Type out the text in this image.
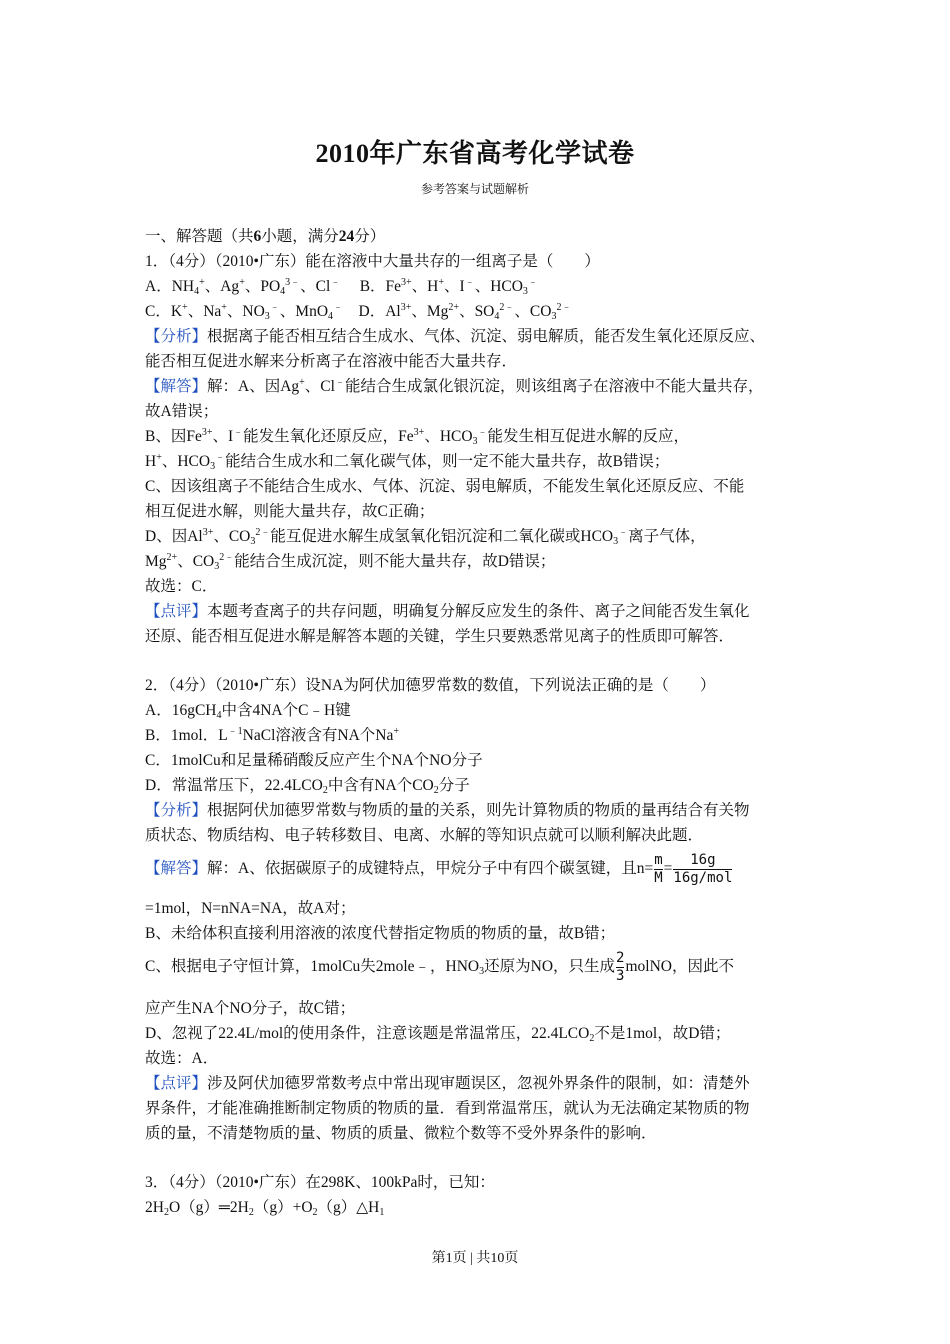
2010年广东省高考化学试卷
参考答案与试题解析
一、解答题（共6小题，满分24分）
1．（4分）（2010•广东）能在溶液中大量共存的一组离子是（　　）
A．$NH_4^+$、Ag+、$PO_4^{3﹣}$、Cl﹣     B．$Fe^{3+}$、H+、I﹣、$HCO_3^﹣$
C．K+、Na+、$NO_3^﹣$、MnO$_4$﹣    D．$Al^{3+}$、$Mg^{2+}$、$SO_4^{2﹣}$、$CO_3^{2﹣}$
【分析】根据离子能否相互结合生成水、气体、沉淀、弱电解质，能否发生氧化还原反应、
能否相互促进水解来分析离子在溶液中能否大量共存．
【解答】解：A、因Ag+、Cl﹣能结合生成氯化银沉淀，则该组离子在溶液中不能大量共存，
故A错误；
B、因$Fe^{3+}$、I﹣能发生氧化还原反应，$Fe^{3+}$、$HCO_3^﹣$能发生相互促进水解的反应，
H+、$HCO_3^﹣$能结合生成水和二氧化碳气体，则一定不能大量共存，故B错误；
C、因该组离子不能结合生成水、气体、沉淀、弱电解质，不能发生氧化还原反应、不能
相互促进水解，则能大量共存，故C正确；
D、因$Al^{3+}$、$CO_3^{2﹣}$能互促进水解生成氢氧化铝沉淀和二氧化碳或$HCO_3^﹣$离子气体，
$Mg^{2+}$、$CO_3^{2﹣}$能结合生成沉淀，则不能大量共存，故D错误；
故选：C．
【点评】本题考查离子的共存问题，明确复分解反应发生的条件、离子之间能否发生氧化
还原、能否相互促进水解是解答本题的关键，学生只要熟悉常见离子的性质即可解答．
2．（4分）（2010•广东）设NA为阿伏加德罗常数的数值，下列说法正确的是（　　）
A．16gCH$_4$中含4NA个C﹣H键
B．1mol．$L^{﹣1}NaCl$溶液含有NA个Na+
C．1molCu和足量稀硝酸反应产生个NA个NO分子
D．常温常压下，$22.4LCO_2$中含有NA个$CO_2$分子
【分析】根据阿伏加德罗常数与物质的量的关系，则先计算物质的物质的量再结合有关物
质状态、物质结构、电子转移数目、电离、水解的等知识点就可以顺利解决此题．
【解答】解：A、依据碳原子的成键特点，甲烷分子中有四个碳氢键，且$n= \frac{m}{M} = \frac{16g}{\text{16g/mol}}$
=1mol，N=nNA=NA，故A对；
B、未给体积直接利用溶液的浓度代替指定物质的物质的量，故B错；
C、根据电子守恒计算，1molCu失2mole﹣，$HNO_3$还原为NO，只生成 $\frac{2}{3}$ molNO，因此不
应产生NA个NO分子，故C错；
D、忽视了22.4L/mol的使用条件，注意该题是常温常压，$22.4LCO_2$不是1mol，故D错；
故选：A．
【点评】涉及阿伏加德罗常数考点中常出现审题误区，忽视外界条件的限制，如：清楚外
界条件，才能准确推断制定物质的物质的量．看到常温常压，就认为无法确定某物质的物
质的量，不清楚物质的量、物质的质量、微粒个数等不受外界条件的影响．
3．（4分）（2010•广东）在298K、100kPa时，已知：
$2H_2O(g)═2H_2(g)+O_2(g)\triangle H_1$
第1页 | 共10页
